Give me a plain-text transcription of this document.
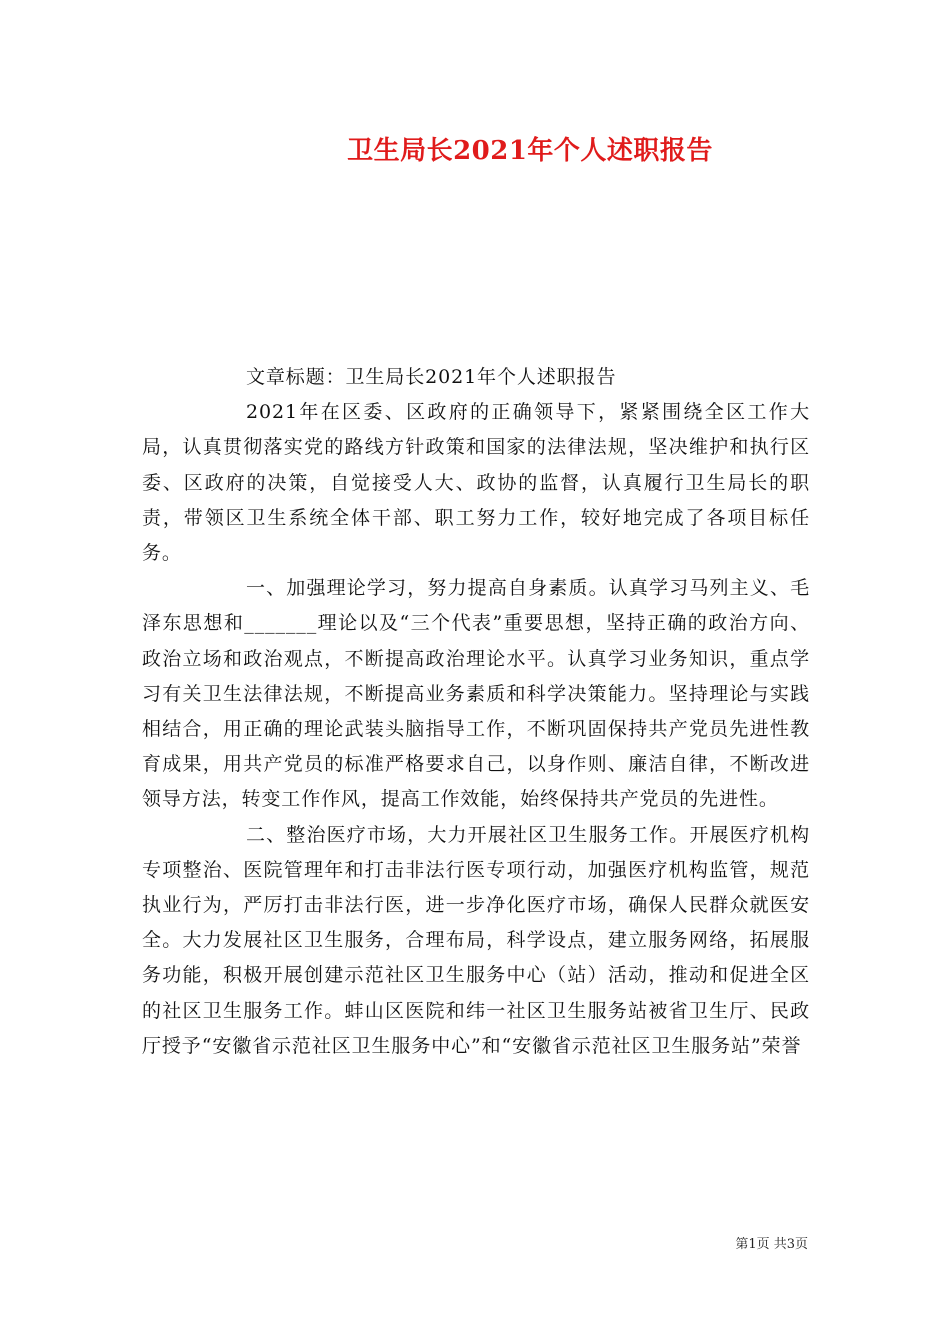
卫生局长2021年个人述职报告

文章标题：卫生局长2021年个人述职报告

2021年在区委、区政府的正确领导下，紧紧围绕全区工作大局，认真贯彻落实党的路线方针政策和国家的法律法规，坚决维护和执行区委、区政府的决策，自觉接受人大、政协的监督，认真履行卫生局长的职责，带领区卫生系统全体干部、职工努力工作，较好地完成了各项目标任务。

一、加强理论学习，努力提高自身素质。认真学习马列主义、毛泽东思想和_______理论以及“三个代表”重要思想，坚持正确的政治方向、政治立场和政治观点，不断提高政治理论水平。认真学习业务知识，重点学习有关卫生法律法规，不断提高业务素质和科学决策能力。坚持理论与实践相结合，用正确的理论武装头脑指导工作，不断巩固保持共产党员先进性教育成果，用共产党员的标准严格要求自己，以身作则、廉洁自律，不断改进领导方法，转变工作作风，提高工作效能，始终保持共产党员的先进性。

二、整治医疗市场，大力开展社区卫生服务工作。开展医疗机构专项整治、医院管理年和打击非法行医专项行动，加强医疗机构监管，规范执业行为，严厉打击非法行医，进一步净化医疗市场，确保人民群众就医安全。大力发展社区卫生服务，合理布局，科学设点，建立服务网络，拓展服务功能，积极开展创建示范社区卫生服务中心（站）活动，推动和促进全区的社区卫生服务工作。蚌山区医院和纬一社区卫生服务站被省卫生厅、民政厅授予“安徽省示范社区卫生服务中心”和“安徽省示范社区卫生服务站”荣誉

第1页 共3页
